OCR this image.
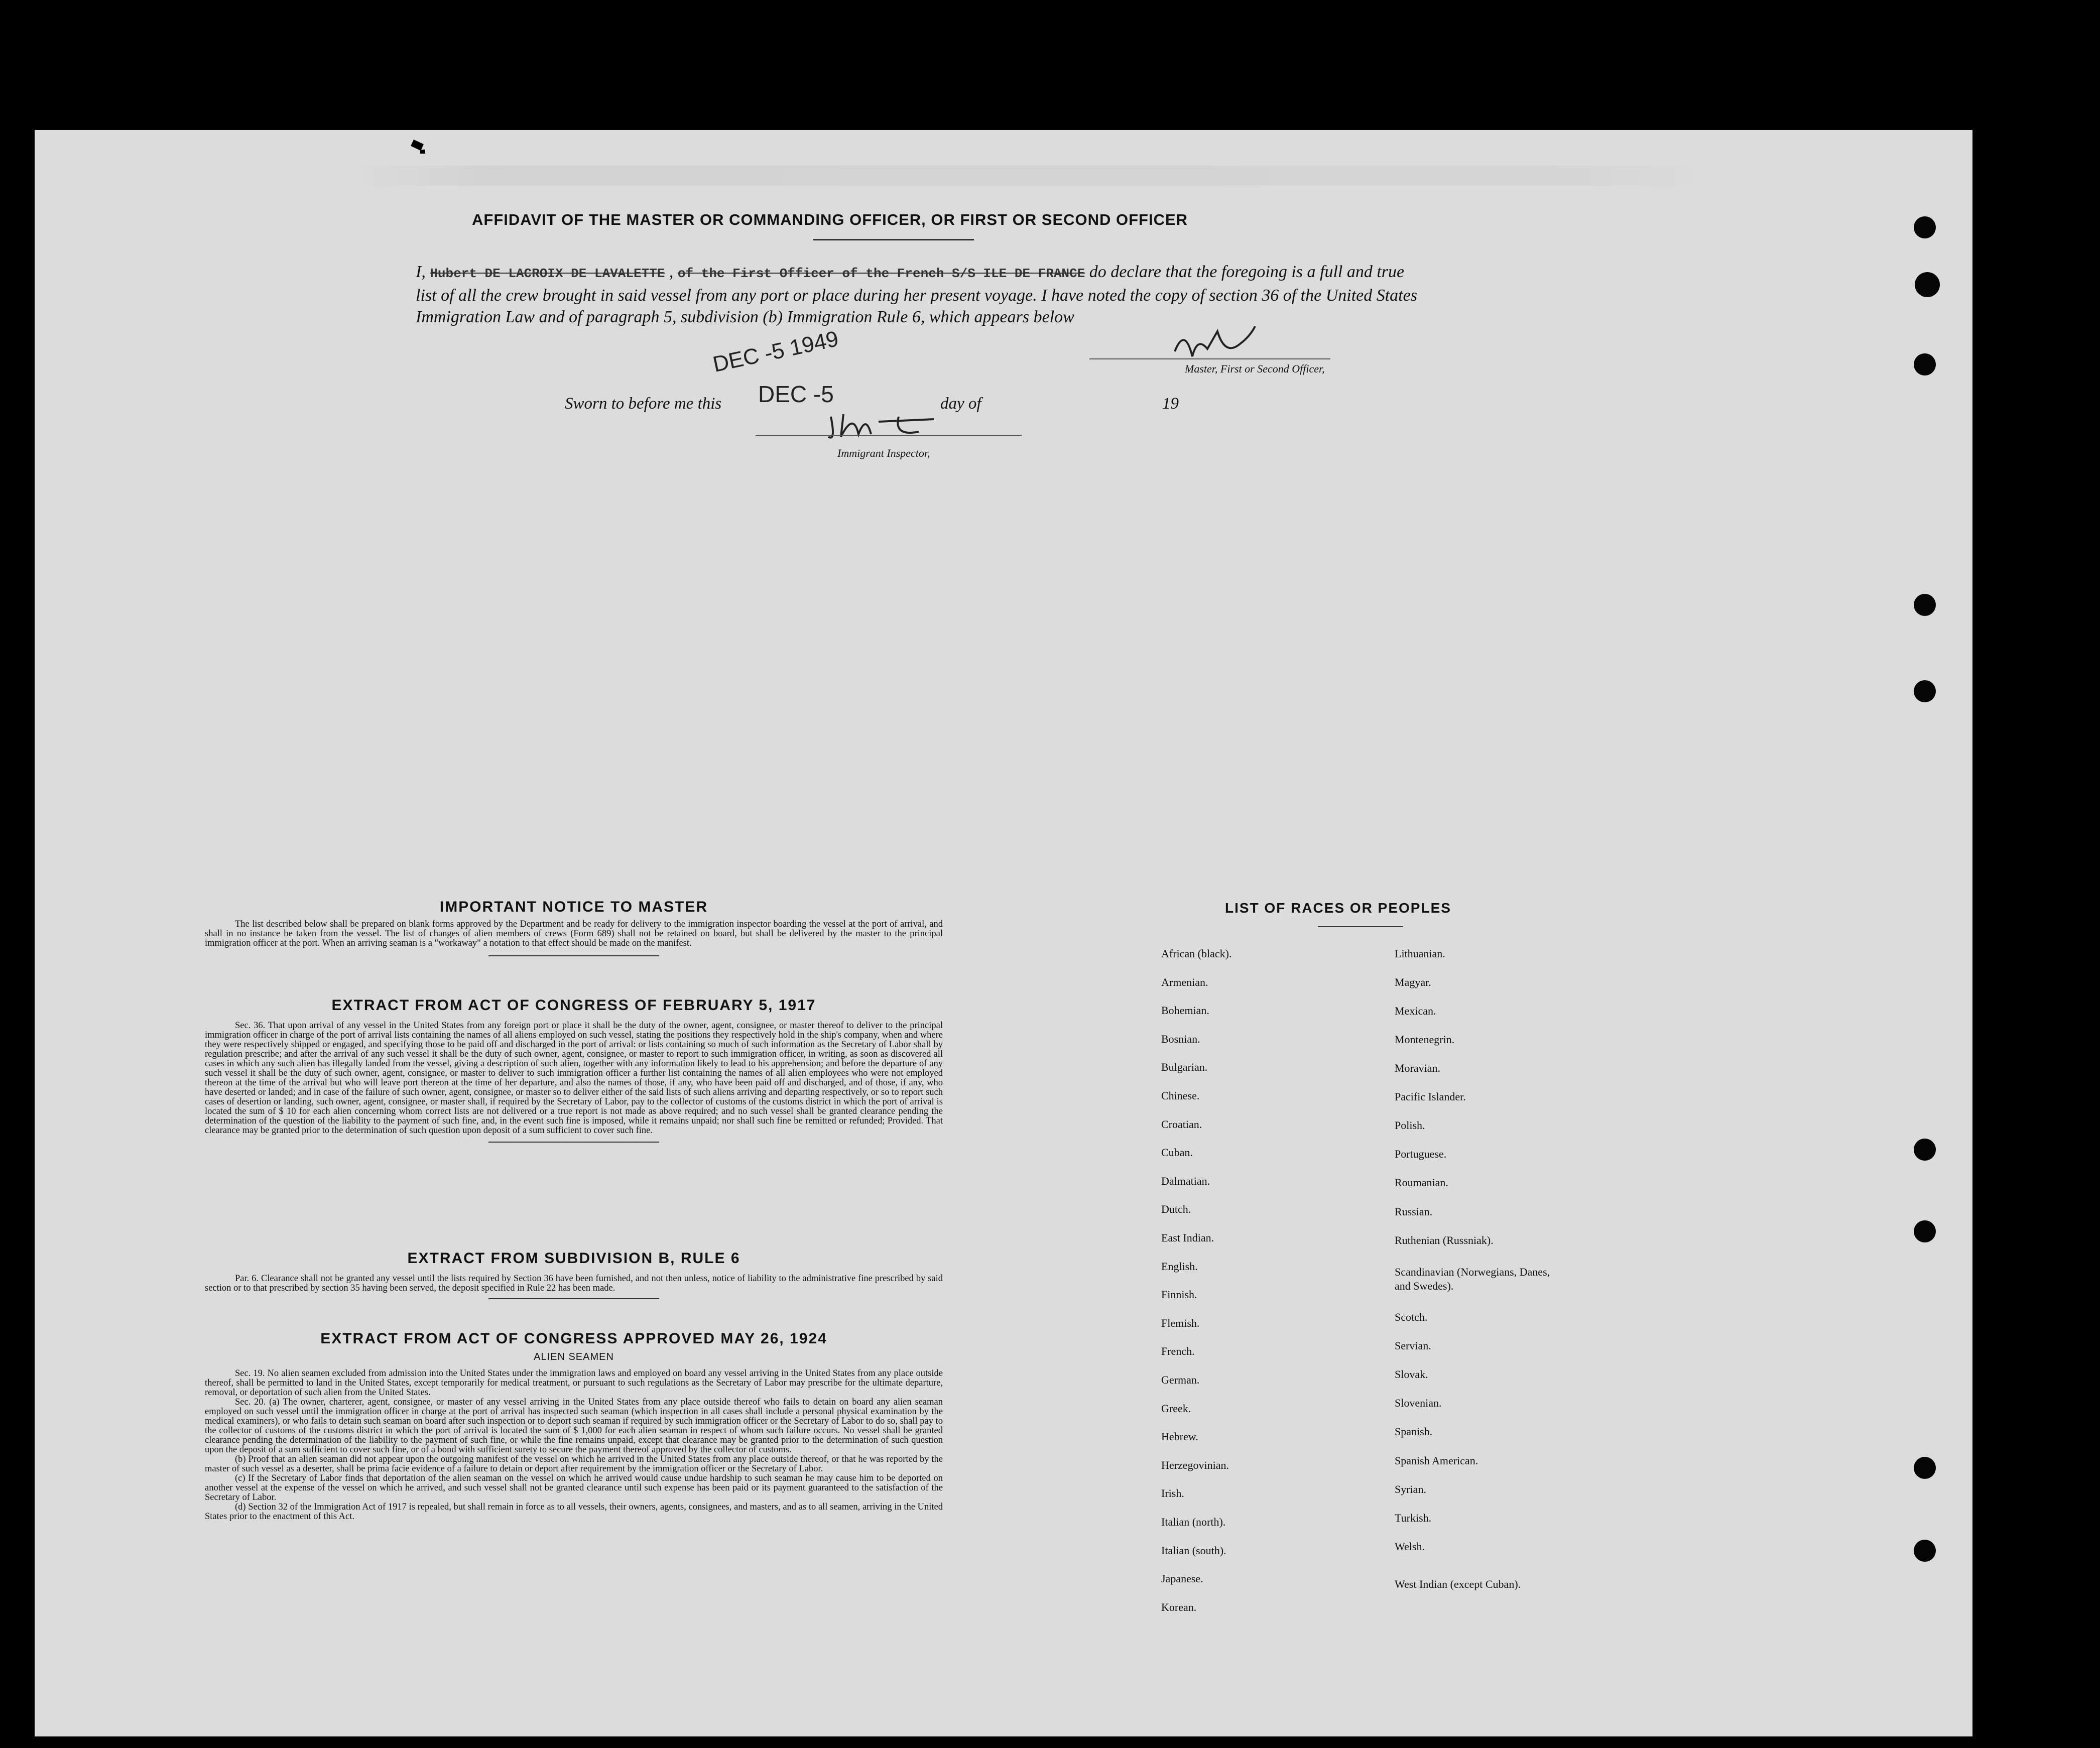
AFFIDAVIT OF THE MASTER OR COMMANDING OFFICER, OR FIRST OR SECOND OFFICER
I, Hubert DE LACROIX DE LAVALETTE , of the First Officer of the French S/S ILE DE FRANCE do declare that the foregoing is a full and true list of all the crew brought in said vessel from any port or place during her present voyage. I have noted the copy of section 36 of the United States Immigration Law and of paragraph 5, subdivision (b) Immigration Rule 6, which appears below
DEC -5 1949	Master, First or Second Officer,
Sworn to before me this DEC -5	day of	19
Immigrant Inspector,
IMPORTANT NOTICE TO MASTER
The list described below shall be prepared on blank forms approved by the Department and be ready for delivery to the immigration inspector boarding the vessel at the port of arrival, and shall in no instance be taken from the vessel. The list of changes of alien members of crews (Form 689) shall not be retained on board, but shall be delivered by the master to the principal immigration officer at the port. When an arriving seaman is a "workaway" a notation to that effect should be made on the manifest.
EXTRACT FROM ACT OF CONGRESS OF FEBRUARY 5, 1917
Sec. 36. That upon arrival of any vessel in the United States from any foreign port or place it shall be the duty of the owner, agent, consignee, or master thereof to deliver to the principal immigration officer in charge of the port of arrival lists containing the names of all aliens employed on such vessel, stating the positions they respectively hold in the ship's company, when and where they were respectively shipped or engaged, and specifying those to be paid off and discharged in the port of arrival: or lists containing so much of such information as the Secretary of Labor shall by regulation prescribe; and after the arrival of any such vessel it shall be the duty of such owner, agent, consignee, or master to report to such immigration officer, in writing, as soon as discovered all cases in which any such alien has illegally landed from the vessel, giving a description of such alien, together with any information likely to lead to his apprehension; and before the departure of any such vessel it shall be the duty of such owner, agent, consignee, or master to deliver to such immigration officer a further list containing the names of all alien employees who were not employed thereon at the time of the arrival but who will leave port thereon at the time of her departure, and also the names of those, if any, who have been paid off and discharged, and of those, if any, who have deserted or landed; and in case of the failure of such owner, agent, consignee, or master so to deliver either of the said lists of such aliens arriving and departing respectively, or so to report such cases of desertion or landing, such owner, agent, consignee, or master shall, if required by the Secretary of Labor, pay to the collector of customs of the customs district in which the port of arrival is located the sum of $ 10 for each alien concerning whom correct lists are not delivered or a true report is not made as above required; and no such vessel shall be granted clearance pending the determination of the question of the liability to the payment of such fine, and, in the event such fine is imposed, while it remains unpaid; nor shall such fine be remitted or refunded; Provided. That clearance may be granted prior to the determination of such question upon deposit of a sum sufficient to cover such fine.
EXTRACT FROM SUBDIVISION B, RULE 6
Par. 6. Clearance shall not be granted any vessel until the lists required by Section 36 have been furnished, and not then unless, notice of liability to the administrative fine prescribed by said section or to that prescribed by section 35 having been served, the deposit specified in Rule 22 has been made.
EXTRACT FROM ACT OF CONGRESS APPROVED MAY 26, 1924
ALIEN SEAMEN
Sec. 19. No alien seamen excluded from admission into the United States under the immigration laws and employed on board any vessel arriving in the United States from any place outside thereof, shall be permitted to land in the United States, except temporarily for medical treatment, or pursuant to such regulations as the Secretary of Labor may prescribe for the ultimate departure, removal, or deportation of such alien from the United States.
Sec. 20. (a) The owner, charterer, agent, consignee, or master of any vessel arriving in the United States from any place outside thereof who fails to detain on board any alien seaman employed on such vessel until the immigration officer in charge at the port of arrival has inspected such seaman (which inspection in all cases shall include a personal physical examination by the medical examiners), or who fails to detain such seaman on board after such inspection or to deport such seaman if required by such immigration officer or the Secretary of Labor to do so, shall pay to the collector of customs of the customs district in which the port of arrival is located the sum of $ 1,000 for each alien seaman in respect of whom such failure occurs. No vessel shall be granted clearance pending the determination of the liability to the payment of such fine, or while the fine remains unpaid, except that clearance may be granted prior to the determination of such question upon the deposit of a sum sufficient to cover such fine, or of a bond with sufficient surety to secure the payment thereof approved by the collector of customs.
(b) Proof that an alien seaman did not appear upon the outgoing manifest of the vessel on which he arrived in the United States from any place outside thereof, or that he was reported by the master of such vessel as a deserter, shall be prima facie evidence of a failure to detain or deport after requirement by the immigration officer or the Secretary of Labor.
(c) If the Secretary of Labor finds that deportation of the alien seaman on the vessel on which he arrived would cause undue hardship to such seaman he may cause him to be deported on another vessel at the expense of the vessel on which he arrived, and such vessel shall not be granted clearance until such expense has been paid or its payment guaranteed to the satisfaction of the Secretary of Labor.
(d) Section 32 of the Immigration Act of 1917 is repealed, but shall remain in force as to all vessels, their owners, agents, consignees, and masters, and as to all seamen, arriving in the United States prior to the enactment of this Act.
LIST OF RACES OR PEOPLES
African (black).
Armenian.
Bohemian.
Bosnian.
Bulgarian.
Chinese.
Croatian.
Cuban.
Dalmatian.
Dutch.
East Indian.
English.
Finnish.
Flemish.
French.
German.
Greek.
Hebrew.
Herzegovinian.
Irish.
Italian (north).
Italian (south).
Japanese.
Korean.
Lithuanian.
Magyar.
Mexican.
Montenegrin.
Moravian.
Pacific Islander.
Polish.
Portuguese.
Roumanian.
Russian.
Ruthenian (Russniak).
Scandinavian (Norwegians, Danes, and Swedes).
Scotch.
Servian.
Slovak.
Slovenian.
Spanish.
Spanish American.
Syrian.
Turkish.
Welsh.
West Indian (except Cuban).
